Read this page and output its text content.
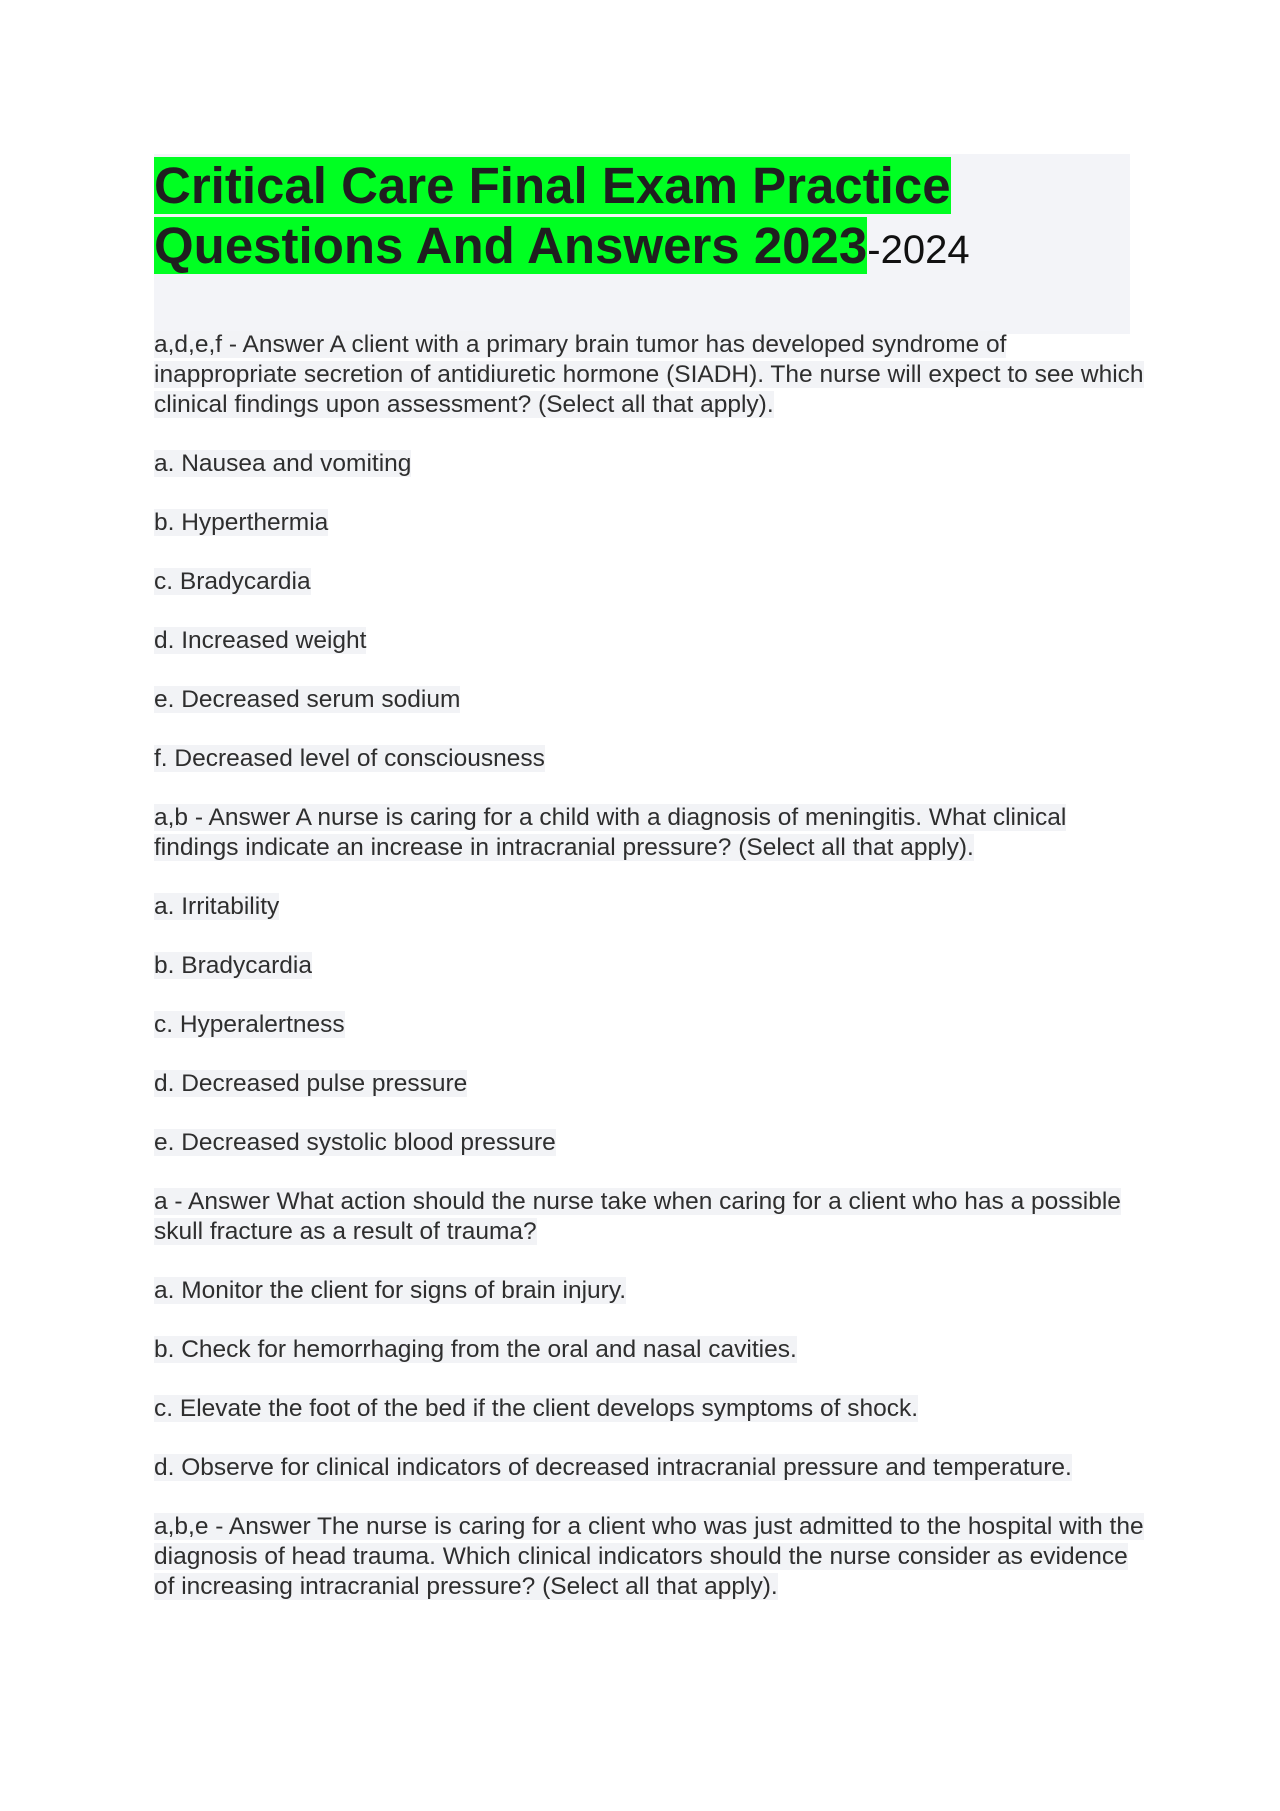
Critical Care Final Exam Practice Questions And Answers 2023-2024

a,d,e,f - Answer A client with a primary brain tumor has developed syndrome of inappropriate secretion of antidiuretic hormone (SIADH). The nurse will expect to see which clinical findings upon assessment? (Select all that apply).

a. Nausea and vomiting

b. Hyperthermia

c. Bradycardia

d. Increased weight

e. Decreased serum sodium

f. Decreased level of consciousness

a,b - Answer A nurse is caring for a child with a diagnosis of meningitis. What clinical findings indicate an increase in intracranial pressure? (Select all that apply).

a. Irritability

b. Bradycardia

c. Hyperalertness

d. Decreased pulse pressure

e. Decreased systolic blood pressure

a - Answer What action should the nurse take when caring for a client who has a possible skull fracture as a result of trauma?

a. Monitor the client for signs of brain injury.

b. Check for hemorrhaging from the oral and nasal cavities.

c. Elevate the foot of the bed if the client develops symptoms of shock.

d. Observe for clinical indicators of decreased intracranial pressure and temperature.

a,b,e - Answer The nurse is caring for a client who was just admitted to the hospital with the diagnosis of head trauma. Which clinical indicators should the nurse consider as evidence of increasing intracranial pressure? (Select all that apply).
